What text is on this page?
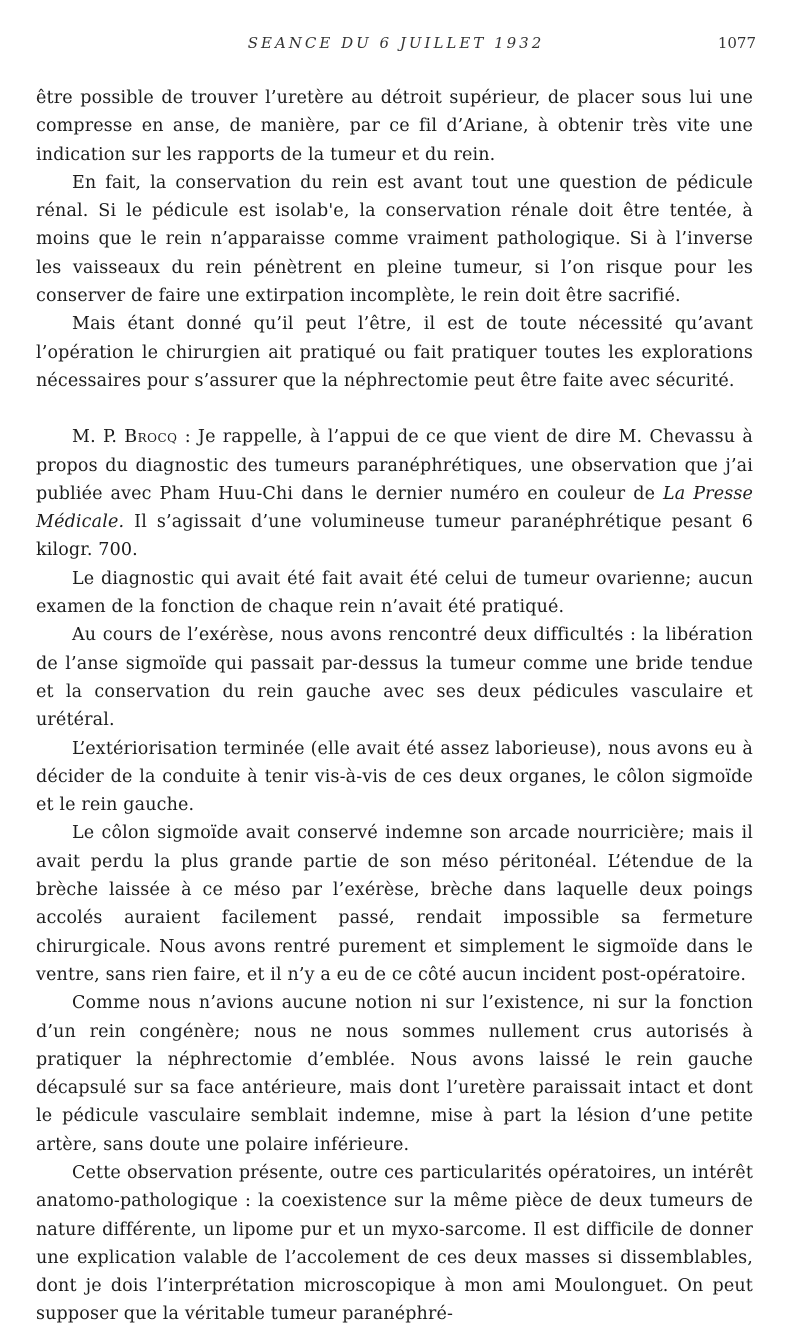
SEANCE DU 6 JUILLET 1932	1077

être possible de trouver l’uretère au détroit supérieur, de placer sous lui une compresse en anse, de manière, par ce fil d’Ariane, à obtenir très vite une indication sur les rapports de la tumeur et du rein.

En fait, la conservation du rein est avant tout une question de pédicule rénal. Si le pédicule est isolab'e, la conservation rénale doit être tentée, à moins que le rein n’apparaisse comme vraiment pathologique. Si à l’inverse les vaisseaux du rein pénètrent en pleine tumeur, si l’on risque pour les conserver de faire une extirpation incomplète, le rein doit être sacrifié.

Mais étant donné qu’il peut l’être, il est de toute nécessité qu’avant l’opération le chirurgien ait pratiqué ou fait pratiquer toutes les explorations nécessaires pour s’assurer que la néphrectomie peut être faite avec sécurité.

M. P. Brocq : Je rappelle, à l’appui de ce que vient de dire M. Chevassu à propos du diagnostic des tumeurs paranéphrétiques, une observation que j’ai publiée avec Pham Huu-Chi dans le dernier numéro en couleur de La Presse Médicale. Il s’agissait d’une volumineuse tumeur paranéphrétique pesant 6 kilogr. 700.

Le diagnostic qui avait été fait avait été celui de tumeur ovarienne; aucun examen de la fonction de chaque rein n’avait été pratiqué.

Au cours de l’exérèse, nous avons rencontré deux difficultés : la libération de l’anse sigmoïde qui passait par-dessus la tumeur comme une bride tendue et la conservation du rein gauche avec ses deux pédicules vasculaire et urétéral.

L’extériorisation terminée (elle avait été assez laborieuse), nous avons eu à décider de la conduite à tenir vis-à-vis de ces deux organes, le côlon sigmoïde et le rein gauche.

Le côlon sigmoïde avait conservé indemne son arcade nourricière; mais il avait perdu la plus grande partie de son méso péritonéal. L’étendue de la brèche laissée à ce méso par l’exérèse, brèche dans laquelle deux poings accolés auraient facilement passé, rendait impossible sa fermeture chirurgicale. Nous avons rentré purement et simplement le sigmoïde dans le ventre, sans rien faire, et il n’y a eu de ce côté aucun incident post-opératoire.

Comme nous n’avions aucune notion ni sur l’existence, ni sur la fonction d’un rein congénère; nous ne nous sommes nullement crus autorisés à pratiquer la néphrectomie d’emblée. Nous avons laissé le rein gauche décapsulé sur sa face antérieure, mais dont l’uretère paraissait intact et dont le pédicule vasculaire semblait indemne, mise à part la lésion d’une petite artère, sans doute une polaire inférieure.

Cette observation présente, outre ces particularités opératoires, un intérêt anatomo-pathologique : la coexistence sur la même pièce de deux tumeurs de nature différente, un lipome pur et un myxo-sarcome. Il est difficile de donner une explication valable de l’accolement de ces deux masses si dissemblables, dont je dois l’interprétation microscopique à mon ami Moulonguet. On peut supposer que la véritable tumeur paranéphré-
